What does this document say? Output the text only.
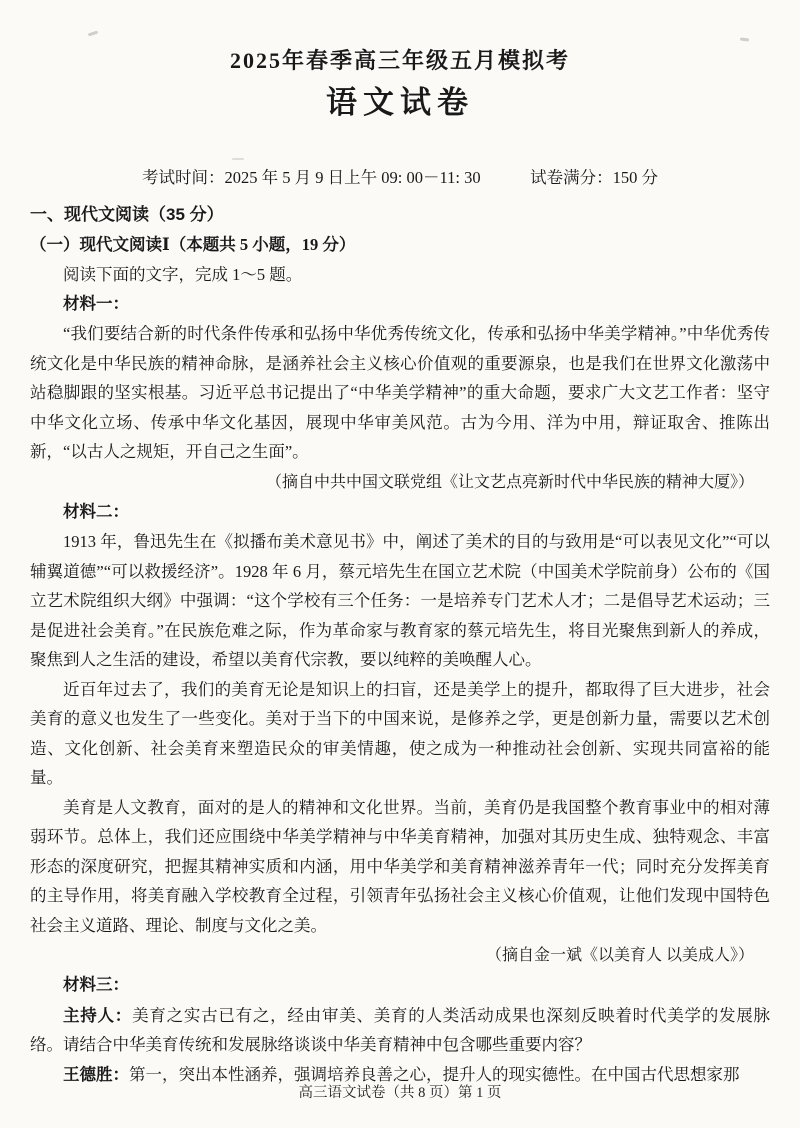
2025年春季高三年级五月模拟考
语文试卷
考试时间：2025 年 5 月 9 日上午 09: 00－11: 30　　　试卷满分：150 分
一、现代文阅读（35 分）
（一）现代文阅读Ⅰ（本题共 5 小题，19 分）
阅读下面的文字，完成 1～5 题。
材料一：

“我们要结合新的时代条件传承和弘扬中华优秀传统文化，传承和弘扬中华美学精神。”中华优秀传统文化是中华民族的精神命脉，是涵养社会主义核心价值观的重要源泉，也是我们在世界文化激荡中站稳脚跟的坚实根基。习近平总书记提出了“中华美学精神”的重大命题，要求广大文艺工作者：坚守中华文化立场、传承中华文化基因，展现中华审美风范。古为今用、洋为中用，辩证取舍、推陈出新，“以古人之规矩，开自己之生面”。

（摘自中共中国文联党组《让文艺点亮新时代中华民族的精神大厦》）
材料二：

1913 年，鲁迅先生在《拟播布美术意见书》中，阐述了美术的目的与致用是“可以表见文化”“可以辅翼道德”“可以救援经济”。1928 年 6 月，蔡元培先生在国立艺术院（中国美术学院前身）公布的《国立艺术院组织大纲》中强调：“这个学校有三个任务：一是培养专门艺术人才；二是倡导艺术运动；三是促进社会美育。”在民族危难之际，作为革命家与教育家的蔡元培先生，将目光聚焦到新人的养成，聚焦到人之生活的建设，希望以美育代宗教，要以纯粹的美唤醒人心。

近百年过去了，我们的美育无论是知识上的扫盲，还是美学上的提升，都取得了巨大进步，社会美育的意义也发生了一些变化。美对于当下的中国来说，是修养之学，更是创新力量，需要以艺术创造、文化创新、社会美育来塑造民众的审美情趣，使之成为一种推动社会创新、实现共同富裕的能量。

美育是人文教育，面对的是人的精神和文化世界。当前，美育仍是我国整个教育事业中的相对薄弱环节。总体上，我们还应围绕中华美学精神与中华美育精神，加强对其历史生成、独特观念、丰富形态的深度研究，把握其精神实质和内涵，用中华美学和美育精神滋养青年一代；同时充分发挥美育的主导作用，将美育融入学校教育全过程，引领青年弘扬社会主义核心价值观，让他们发现中国特色社会主义道路、理论、制度与文化之美。

（摘自金一斌《以美育人 以美成人》）
材料三：

主持人：美育之实古已有之，经由审美、美育的人类活动成果也深刻反映着时代美学的发展脉络。请结合中华美育传统和发展脉络谈谈中华美育精神中包含哪些重要内容？

王德胜：第一，突出本性涵养，强调培养良善之心，提升人的现实德性。在中国古代思想家那

高三语文试卷（共 8 页）第 1 页
